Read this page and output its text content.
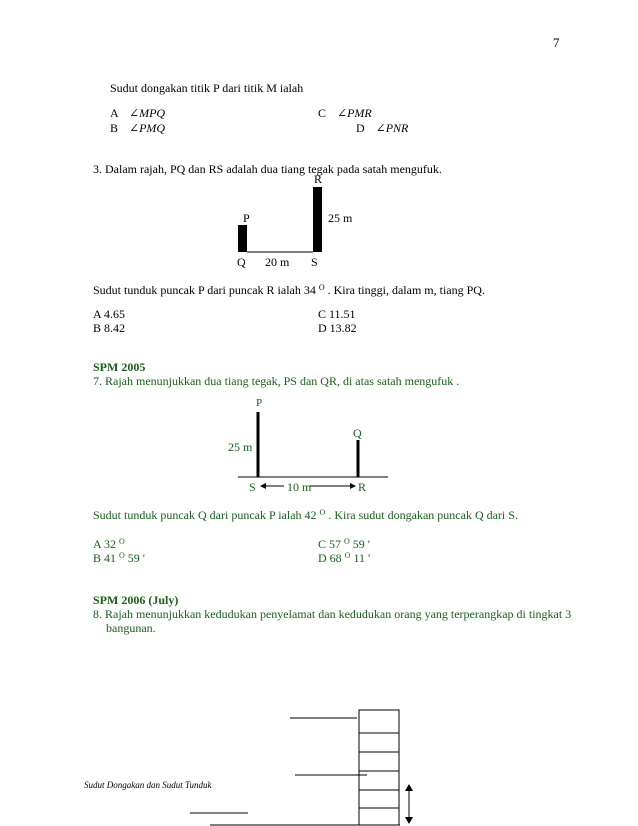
7
Sudut dongakan titik P dari titik M ialah
A ∠MPQ
B ∠PMQ
C ∠PMR
D ∠PNR
3. Dalam rajah, PQ dan RS adalah dua tiang tegak pada satah mengufuk.
R
P	25 m
Q 20 m S
Sudut tunduk puncak P dari puncak R ialah 34 $^O$ . Kira tinggi, dalam m, tiang PQ.
A 4.65
B 8.42
C 11.51
D 13.82
SPM 2005
7. Rajah menunjukkan dua tiang tegak, PS dan QR, di atas satah mengufuk .
P
Q
25 m
S	10 m	R
Sudut tunduk puncak Q dari puncak P ialah 42 $^O$ . Kira sudut dongakan puncak Q dari S.
A 32 $^O$
B 41 $^O$ 59 '
C 57 $^O$ 59 '
D 68 $^O$ 11 '
SPM 2006 (July)
8. Rajah menunjukkan kedudukan penyelamat dan kedudukan orang yang terperangkap di tingkat 3
bangunan.
Sudut Dongakan dan Sudut Tunduk
